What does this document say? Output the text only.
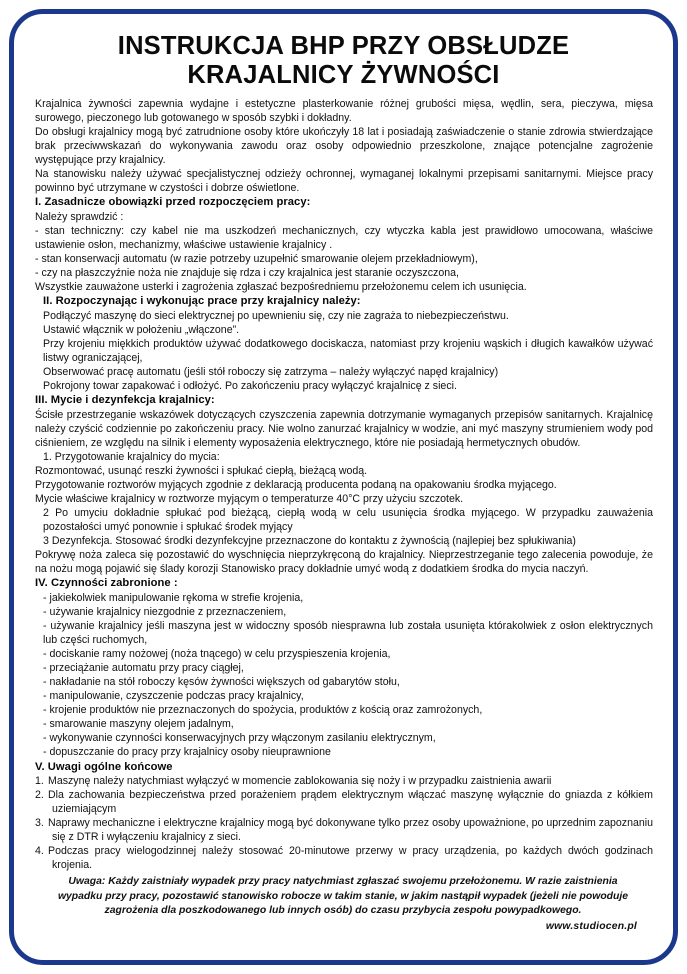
INSTRUKCJA BHP PRZY OBSŁUDZE
KRAJALNICY ŻYWNOŚCI

Krajalnica żywności zapewnia wydajne i estetyczne plasterkowanie różnej grubości mięsa, wędlin, sera, pieczywa, mięsa surowego, pieczonego lub gotowanego w sposób szybki i dokładny.

Do obsługi krajalnicy mogą być zatrudnione osoby które ukończyły 18 lat i posiadają zaświadczenie o stanie zdrowia stwierdzające brak przeciwwskazań do wykonywania zawodu oraz osoby odpowiednio przeszkolone, znające potencjalne zagrożenie występujące przy krajalnicy.

Na stanowisku należy używać specjalistycznej odzieży ochronnej, wymaganej lokalnymi przepisami sanitarnymi. Miejsce pracy powinno być utrzymane w czystości i dobrze oświetlone.

I. Zasadnicze obowiązki przed rozpoczęciem pracy:

Należy sprawdzić :

- stan techniczny: czy kabel nie ma uszkodzeń mechanicznych, czy wtyczka kabla jest prawidłowo umocowana, właściwe ustawienie osłon, mechanizmy, właściwe ustawienie krajalnicy .

- stan konserwacji automatu (w razie potrzeby uzupełnić smarowanie olejem przekładniowym),

- czy na płaszczyźnie noża nie znajduje się rdza i czy krajalnica jest staranie oczyszczona,

Wszystkie zauważone usterki i zagrożenia zgłaszać bezpośredniemu przełożonemu celem ich usunięcia.

II. Rozpoczynając i wykonując prace przy krajalnicy należy:

Podłączyć maszynę do sieci elektrycznej po upewnieniu się, czy nie zagraża to niebezpieczeństwu.

Ustawić włącznik w położeniu „włączone”.

Przy krojeniu miękkich produktów używać dodatkowego dociskacza, natomiast przy krojeniu wąskich i długich kawałków używać listwy ograniczającej,

Obserwować pracę automatu (jeśli stół roboczy się zatrzyma – należy wyłączyć napęd krajalnicy)

Pokrojony towar zapakować i odłożyć. Po zakończeniu pracy wyłączyć krajalnicę z sieci.

III. Mycie i dezynfekcja krajalnicy:

Ścisłe przestrzeganie wskazówek dotyczących czyszczenia zapewnia dotrzymanie wymaganych przepisów sanitarnych. Krajalnicę należy czyścić codziennie po zakończeniu pracy. Nie wolno zanurzać krajalnicy w wodzie, ani myć maszyny strumieniem wody pod ciśnieniem, ze względu na silnik i elementy wyposażenia elektrycznego, które nie posiadają hermetycznych obudów.

1. Przygotowanie krajalnicy do mycia:

Rozmontować, usunąć reszki żywności i spłukać ciepłą, bieżącą wodą.

Przygotowanie roztworów myjących zgodnie z deklaracją producenta podaną na opakowaniu środka myjącego.

Mycie właściwe krajalnicy w roztworze myjącym o temperaturze 40°C przy użyciu szczotek.

2 Po umyciu dokładnie spłukać pod bieżącą, ciepłą wodą w celu usunięcia środka myjącego. W przypadku zauważenia pozostałości umyć ponownie i spłukać środek myjący

3 Dezynfekcja. Stosować środki dezynfekcyjne przeznaczone do kontaktu z żywnością (najlepiej bez spłukiwania)

Pokrywę noża zaleca się pozostawić do wyschnięcia nieprzykręconą do krajalnicy. Nieprzestrzeganie tego zalecenia powoduje, że na nożu mogą pojawić się ślady korozji Stanowisko pracy dokładnie umyć wodą z dodatkiem środka do mycia naczyń.

IV. Czynności zabronione :

- jakiekolwiek manipulowanie rękoma w strefie krojenia,

- używanie krajalnicy niezgodnie z przeznaczeniem,

- używanie krajalnicy jeśli maszyna jest w widoczny sposób niesprawna lub została usunięta którakolwiek z osłon elektrycznych lub części ruchomych,

- dociskanie ramy nożowej (noża tnącego) w celu przyspieszenia krojenia,

- przeciążanie automatu przy pracy ciągłej,

- nakładanie na stół roboczy kęsów żywności większych od gabarytów stołu,

- manipulowanie, czyszczenie podczas pracy krajalnicy,

- krojenie produktów nie przeznaczonych do spożycia, produktów z kością oraz zamrożonych,

- smarowanie maszyny olejem jadalnym,

- wykonywanie czynności konserwacyjnych przy włączonym zasilaniu elektrycznym,

- dopuszczanie do pracy przy krajalnicy osoby nieuprawnione

V. Uwagi ogólne końcowe

1. Maszynę należy natychmiast wyłączyć w momencie zablokowania się noży i w przypadku zaistnienia awarii

2. Dla zachowania bezpieczeństwa przed porażeniem prądem elektrycznym włączać maszynę wyłącznie do gniazda z kółkiem uziemiającym

3. Naprawy mechaniczne i elektryczne krajalnicy mogą być dokonywane tylko przez osoby upoważnione, po uprzednim zapoznaniu się z DTR i wyłączeniu krajalnicy z sieci.

4. Podczas pracy wielogodzinnej należy stosować 20-minutowe przerwy w pracy urządzenia, po każdych dwóch godzinach krojenia.

Uwaga: Każdy zaistniały wypadek przy pracy natychmiast zgłaszać swojemu przełożonemu. W razie zaistnienia wypadku przy pracy, pozostawić stanowisko robocze w takim stanie, w jakim nastąpił wypadek (jeżeli nie powoduje zagrożenia dla poszkodowanego lub innych osób) do czasu przybycia zespołu powypadkowego.

www.studiocen.pl
